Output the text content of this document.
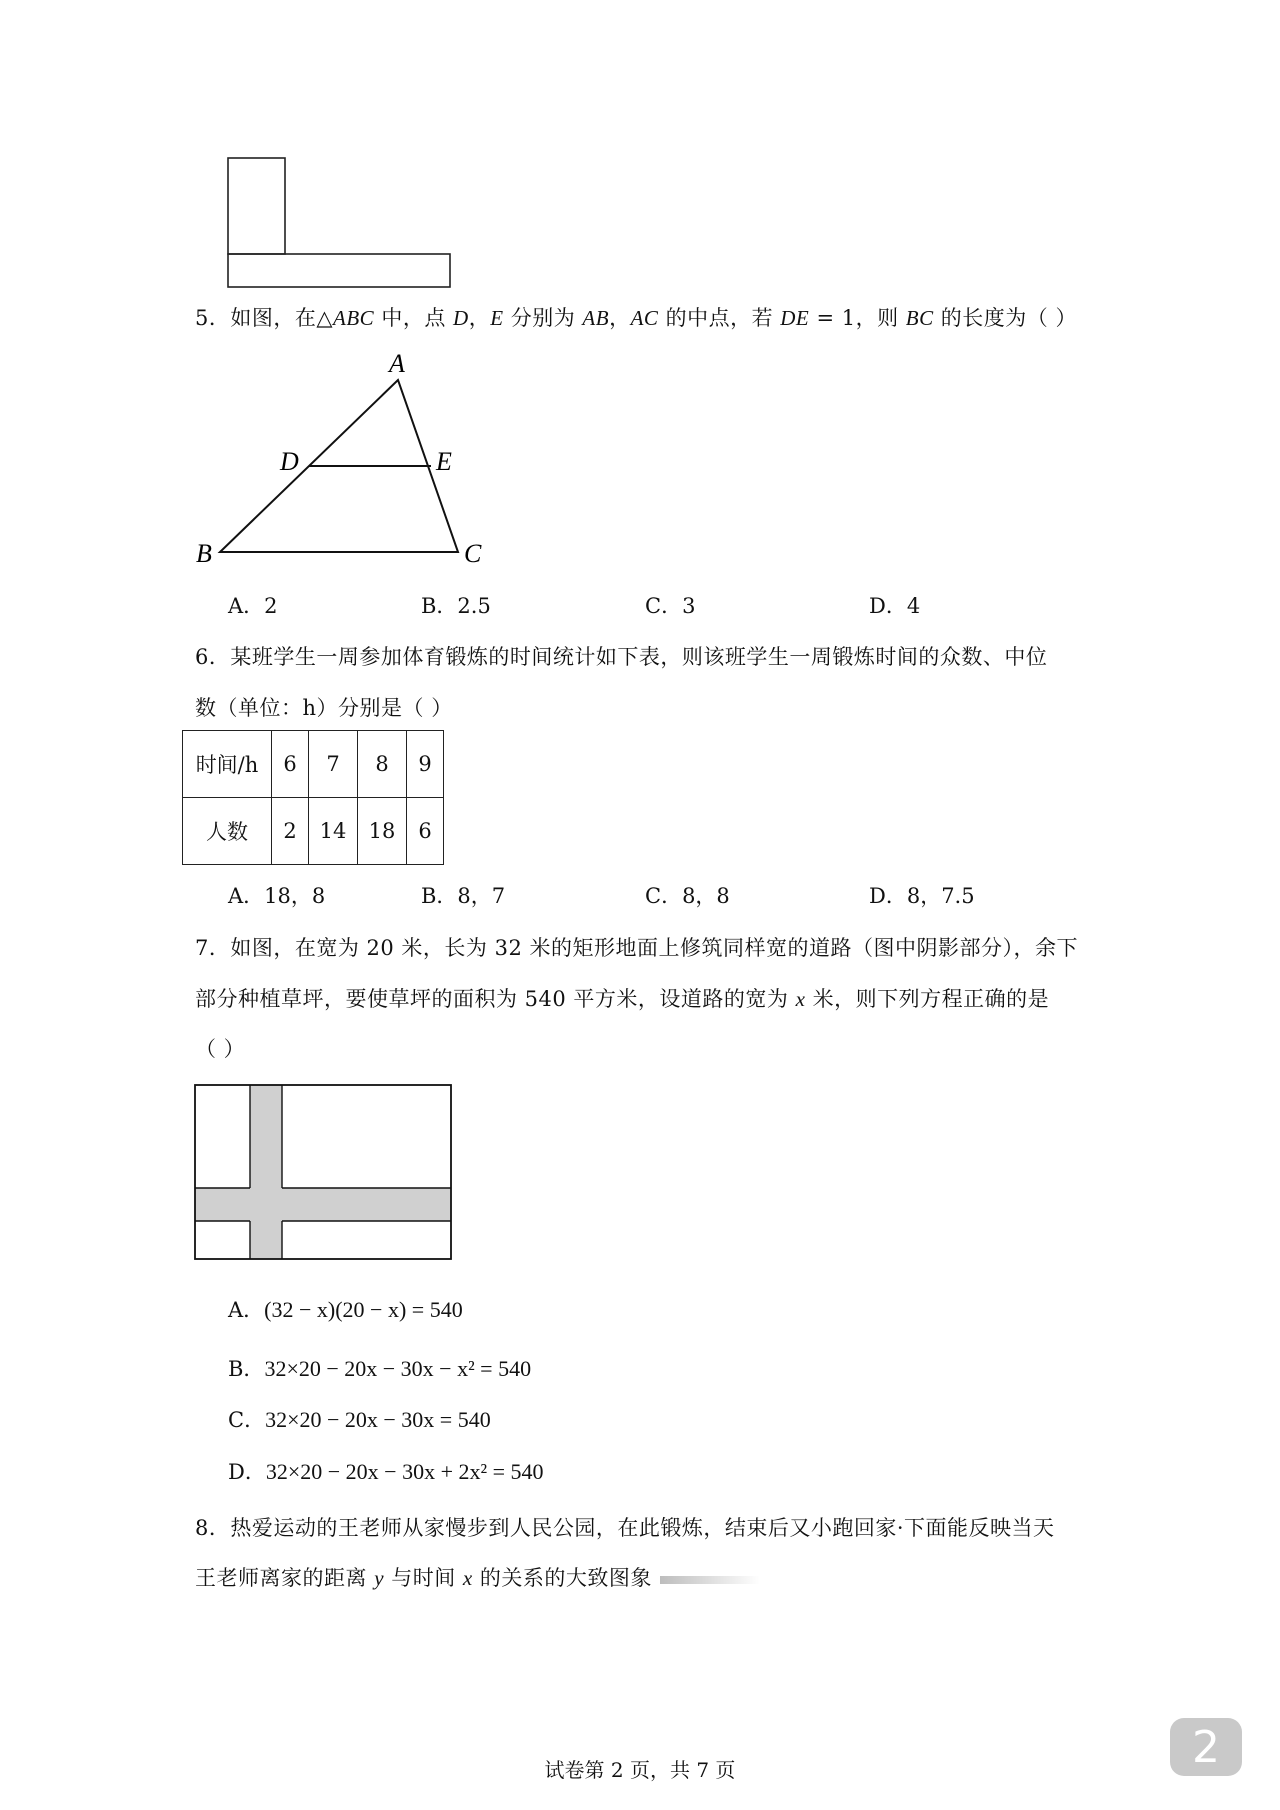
5．如图，在△ABC 中，点 D，E 分别为 AB，AC 的中点，若 DE = 1，则 BC 的长度为（ ）
A
D	E
B	C
A．2	B．2.5	C．3	D．4
6．某班学生一周参加体育锻炼的时间统计如下表，则该班学生一周锻炼时间的众数、中位
数（单位：h）分别是（ ）
时间/h	6	7	8	9
人数	2	14	18	6
A．18，8	B．8，7	C．8，8	D．8，7.5
7．如图，在宽为 20 米，长为 32 米的矩形地面上修筑同样宽的道路（图中阴影部分），余下
部分种植草坪，要使草坪的面积为 540 平方米，设道路的宽为 x 米，则下列方程正确的是
（ ）
A．(32 − x)(20 − x) = 540
B．32×20 − 20x − 30x − x² = 540
C．32×20 − 20x − 30x = 540
D．32×20 − 20x − 30x + 2x² = 540
8．热爱运动的王老师从家慢步到人民公园，在此锻炼，结束后又小跑回家·下面能反映当天
王老师离家的距离 y 与时间 x 的关系的大致图象
试卷第 2 页，共 7 页	2
